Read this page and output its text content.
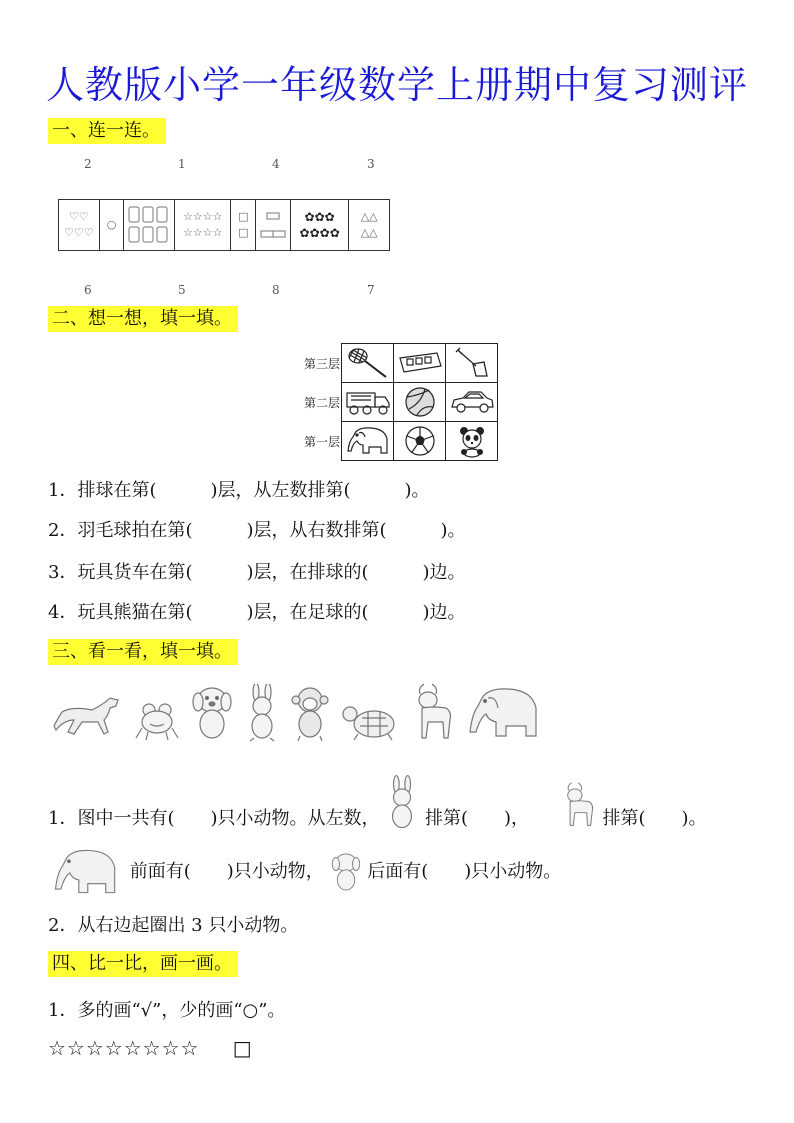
人教版小学一年级数学上册期中复习测评
一、连一连。
2	1	4	3
♡♡
♡♡♡
○
☆☆☆☆
☆☆☆☆
□
□
✿✿✿
✿✿✿✿
△△
△△
6	5	8	7
二、想一想，填一填。
第三层
第二层
第一层
1．排球在第(　　　)层，从左数排第(　　　)。
2．羽毛球拍在第(　　　)层，从右数排第(　　　)。
3．玩具货车在第(　　　)层，在排球的(　　　)边。
4．玩具熊猫在第(　　　)层，在足球的(　　　)边。
三、看一看，填一填。
1．图中一共有(　　)只小动物。从左数，	排第(　　)，	排第(　　)。
前面有(　　)只小动物， 后面有(　　)只小动物。
2．从右边起圈出 3 只小动物。
四、比一比，画一画。
1．多的画“√”，少的画“○”。
☆☆☆☆☆☆☆☆ □
